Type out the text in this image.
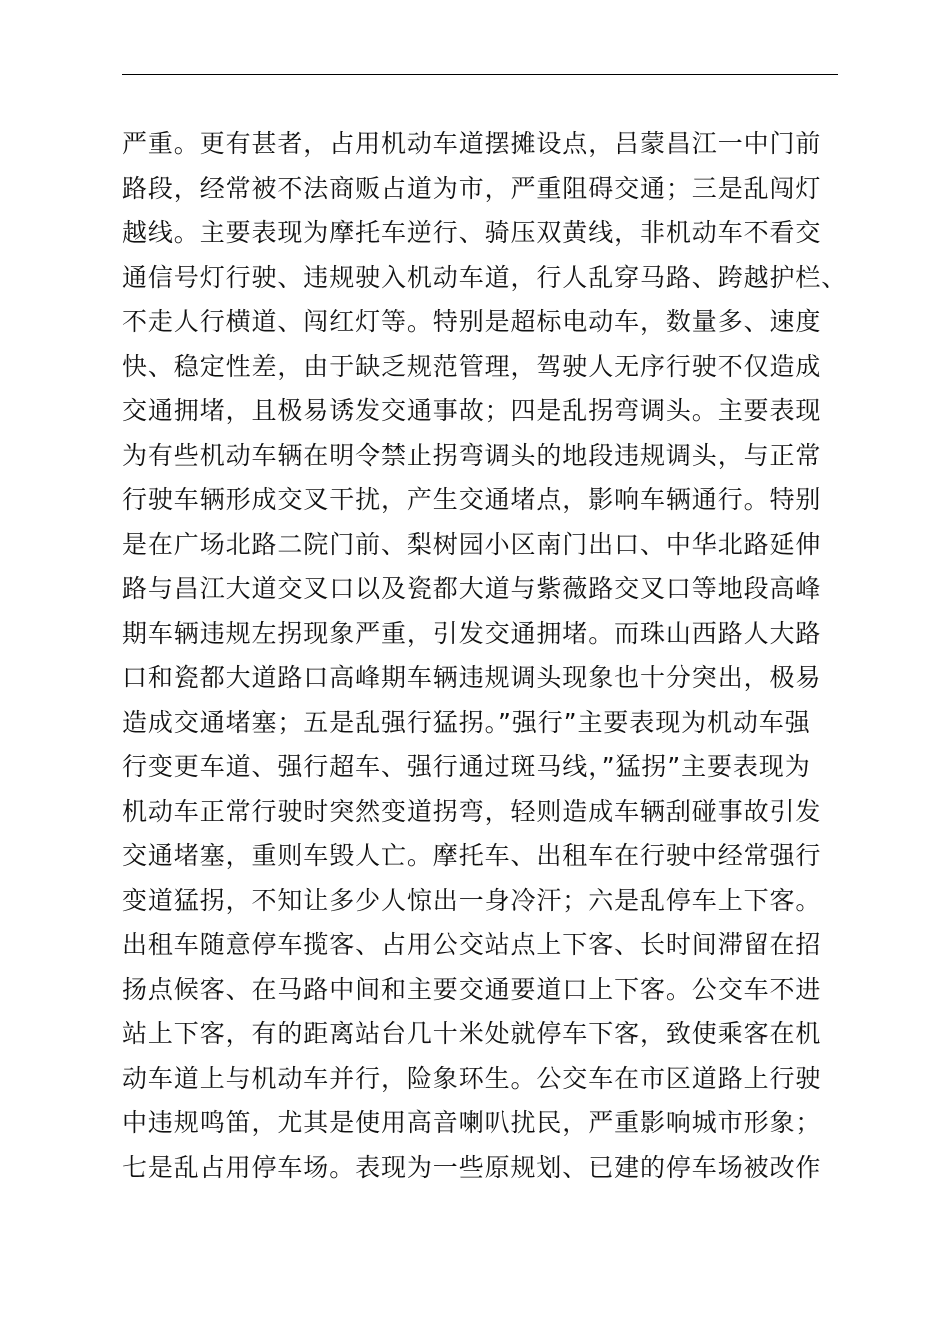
严重。更有甚者，占用机动车道摆摊设点，吕蒙昌江一中门前
路段，经常被不法商贩占道为市，严重阻碍交通；三是乱闯灯
越线。主要表现为摩托车逆行、骑压双黄线，非机动车不看交
通信号灯行驶、违规驶入机动车道，行人乱穿马路、跨越护栏、
不走人行横道、闯红灯等。特别是超标电动车，数量多、速度
快、稳定性差，由于缺乏规范管理，驾驶人无序行驶不仅造成
交通拥堵，且极易诱发交通事故；四是乱拐弯调头。主要表现
为有些机动车辆在明令禁止拐弯调头的地段违规调头，与正常
行驶车辆形成交叉干扰，产生交通堵点，影响车辆通行。特别
是在广场北路二院门前、梨树园小区南门出口、中华北路延伸
路与昌江大道交叉口以及瓷都大道与紫薇路交叉口等地段高峰
期车辆违规左拐现象严重，引发交通拥堵。而珠山西路人大路
口和瓷都大道路口高峰期车辆违规调头现象也十分突出，极易
造成交通堵塞；五是乱强行猛拐。”强行”主要表现为机动车强
行变更车道、强行超车、强行通过斑马线，”猛拐”主要表现为
机动车正常行驶时突然变道拐弯，轻则造成车辆刮碰事故引发
交通堵塞，重则车毁人亡。摩托车、出租车在行驶中经常强行
变道猛拐，不知让多少人惊出一身冷汗；六是乱停车上下客。
出租车随意停车揽客、占用公交站点上下客、长时间滞留在招
扬点候客、在马路中间和主要交通要道口上下客。公交车不进
站上下客，有的距离站台几十米处就停车下客，致使乘客在机
动车道上与机动车并行，险象环生。公交车在市区道路上行驶
中违规鸣笛，尤其是使用高音喇叭扰民，严重影响城市形象；
七是乱占用停车场。表现为一些原规划、已建的停车场被改作
